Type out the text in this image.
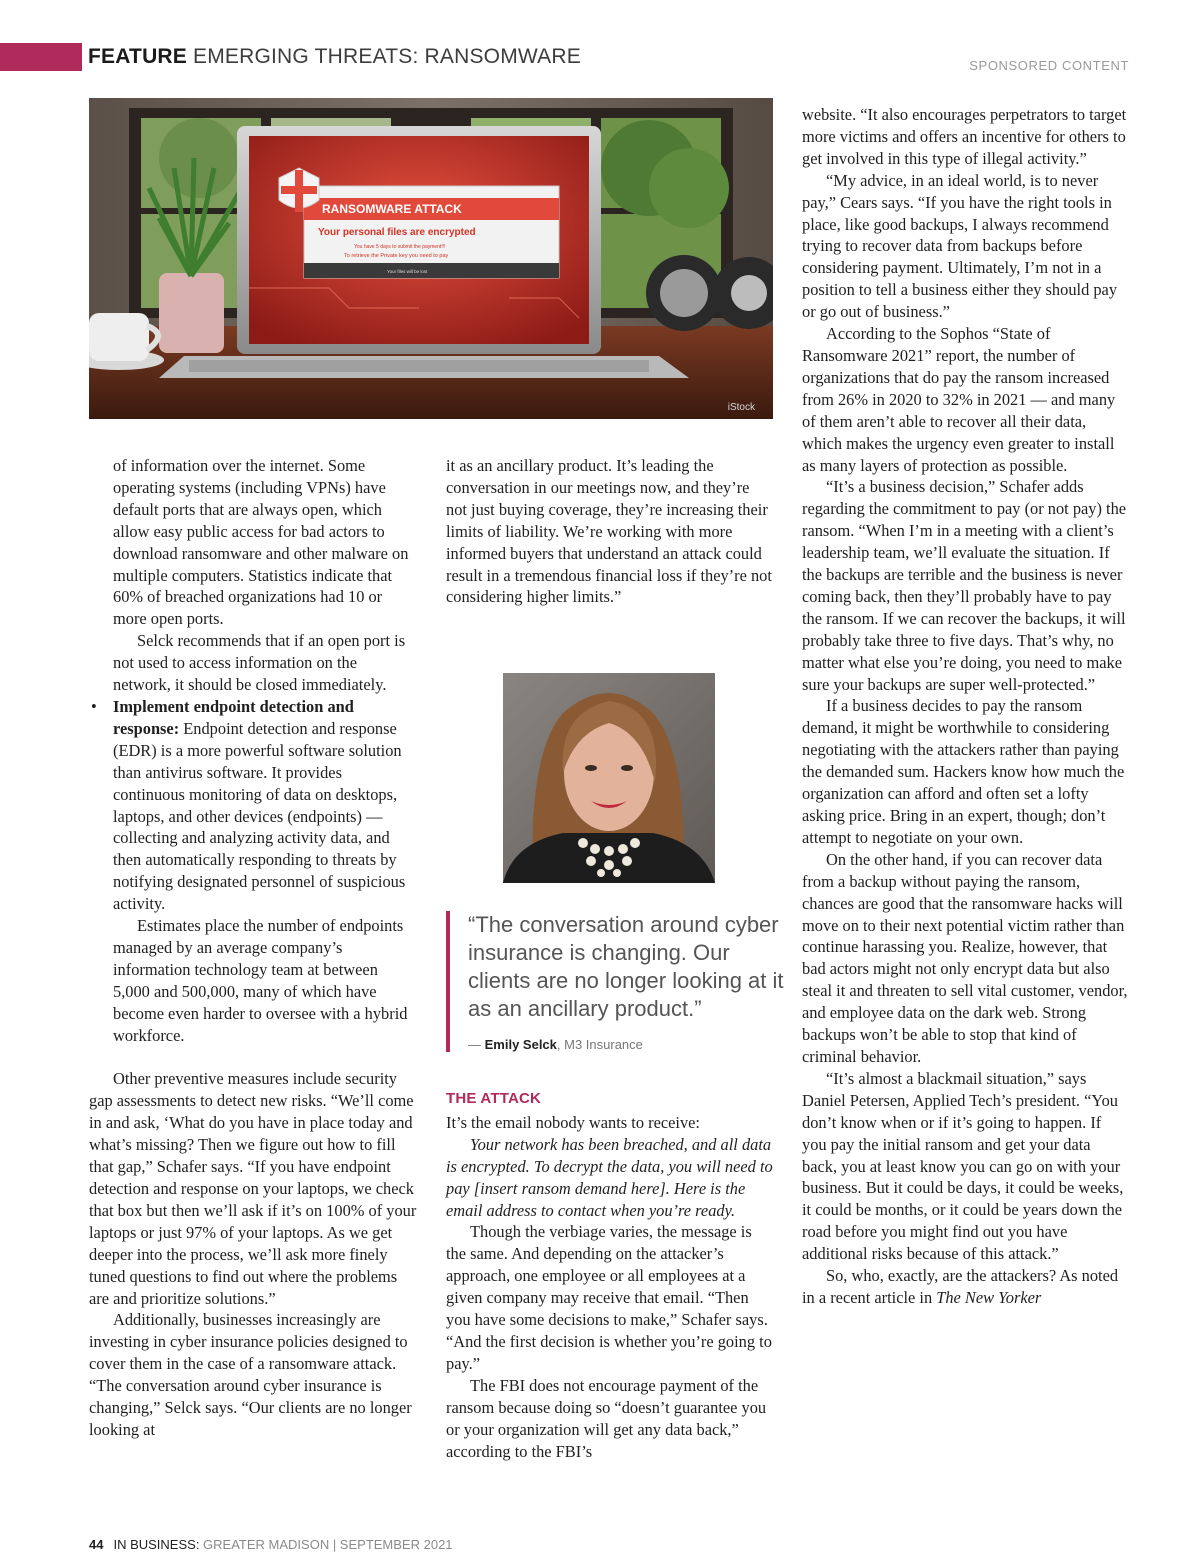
FEATURE EMERGING THREATS: RANSOMWARE	SPONSORED CONTENT
RANSOMWARE ATTACK
Your personal files are encrypted
You have 5 days to submit the payment!!!
To retrieve the Private key you need to pay
Your files will be lost
iStock

of information over the internet. Some operating systems (including VPNs) have default ports that are always open, which allow easy public access for bad actors to download ransomware and other malware on multiple computers. Statistics indicate that 60% of breached organizations had 10 or more open ports.

Selck recommends that if an open port is not used to access information on the network, it should be closed immediately.

• Implement endpoint detection and response: Endpoint detection and response (EDR) is a more powerful software solution than antivirus software. It provides continuous monitoring of data on desktops, laptops, and other devices (endpoints) — collecting and analyzing activity data, and then automatically responding to threats by notifying designated personnel of suspicious activity.

Estimates place the number of endpoints managed by an average company’s information technology team at between 5,000 and 500,000, many of which have become even harder to oversee with a hybrid workforce.

Other preventive measures include security gap assessments to detect new risks. “We’ll come in and ask, ‘What do you have in place today and what’s missing? Then we figure out how to fill that gap,” Schafer says. “If you have endpoint detection and response on your laptops, we check that box but then we’ll ask if it’s on 100% of your laptops or just 97% of your laptops. As we get deeper into the process, we’ll ask more finely tuned questions to find out where the problems are and prioritize solutions.”

Additionally, businesses increasingly are investing in cyber insurance policies designed to cover them in the case of a ransomware attack. “The conversation around cyber insurance is changing,” Selck says. “Our clients are no longer looking at

it as an ancillary product. It’s leading the conversation in our meetings now, and they’re not just buying coverage, they’re increasing their limits of liability. We’re working with more informed buyers that understand an attack could result in a tremendous financial loss if they’re not considering higher limits.”

“The conversation around cyber insurance is changing. Our clients are no longer looking at it as an ancillary product.”

— Emily Selck, M3 Insurance
THE ATTACK

It’s the email nobody wants to receive:

Your network has been breached, and all data is encrypted. To decrypt the data, you will need to pay [insert ransom demand here]. Here is the email address to contact when you’re ready.

Though the verbiage varies, the message is the same. And depending on the attacker’s approach, one employee or all employees at a given company may receive that email. “Then you have some decisions to make,” Schafer says. “And the first decision is whether you’re going to pay.”

The FBI does not encourage payment of the ransom because doing so “doesn’t guarantee you or your organization will get any data back,” according to the FBI’s

website. “It also encourages perpetrators to target more victims and offers an incentive for others to get involved in this type of illegal activity.”

“My advice, in an ideal world, is to never pay,” Cears says. “If you have the right tools in place, like good backups, I always recommend trying to recover data from backups before considering payment. Ultimately, I’m not in a position to tell a business either they should pay or go out of business.”

According to the Sophos “State of Ransomware 2021” report, the number of organizations that do pay the ransom increased from 26% in 2020 to 32% in 2021 — and many of them aren’t able to recover all their data, which makes the urgency even greater to install as many layers of protection as possible.

“It’s a business decision,” Schafer adds regarding the commitment to pay (or not pay) the ransom. “When I’m in a meeting with a client’s leadership team, we’ll evaluate the situation. If the backups are terrible and the business is never coming back, then they’ll probably have to pay the ransom. If we can recover the backups, it will probably take three to five days. That’s why, no matter what else you’re doing, you need to make sure your backups are super well-protected.”

If a business decides to pay the ransom demand, it might be worthwhile to considering negotiating with the attackers rather than paying the demanded sum. Hackers know how much the organization can afford and often set a lofty asking price. Bring in an expert, though; don’t attempt to negotiate on your own.

On the other hand, if you can recover data from a backup without paying the ransom, chances are good that the ransomware hacks will move on to their next potential victim rather than continue harassing you. Realize, however, that bad actors might not only encrypt data but also steal it and threaten to sell vital customer, vendor, and employee data on the dark web. Strong backups won’t be able to stop that kind of criminal behavior.

“It’s almost a blackmail situation,” says Daniel Petersen, Applied Tech’s president. “You don’t know when or if it’s going to happen. If you pay the initial ransom and get your data back, you at least know you can go on with your business. But it could be days, it could be weeks, it could be months, or it could be years down the road before you might find out you have additional risks because of this attack.”

So, who, exactly, are the attackers? As noted in a recent article in The New Yorker

44 IN BUSINESS: GREATER MADISON | SEPTEMBER 2021
